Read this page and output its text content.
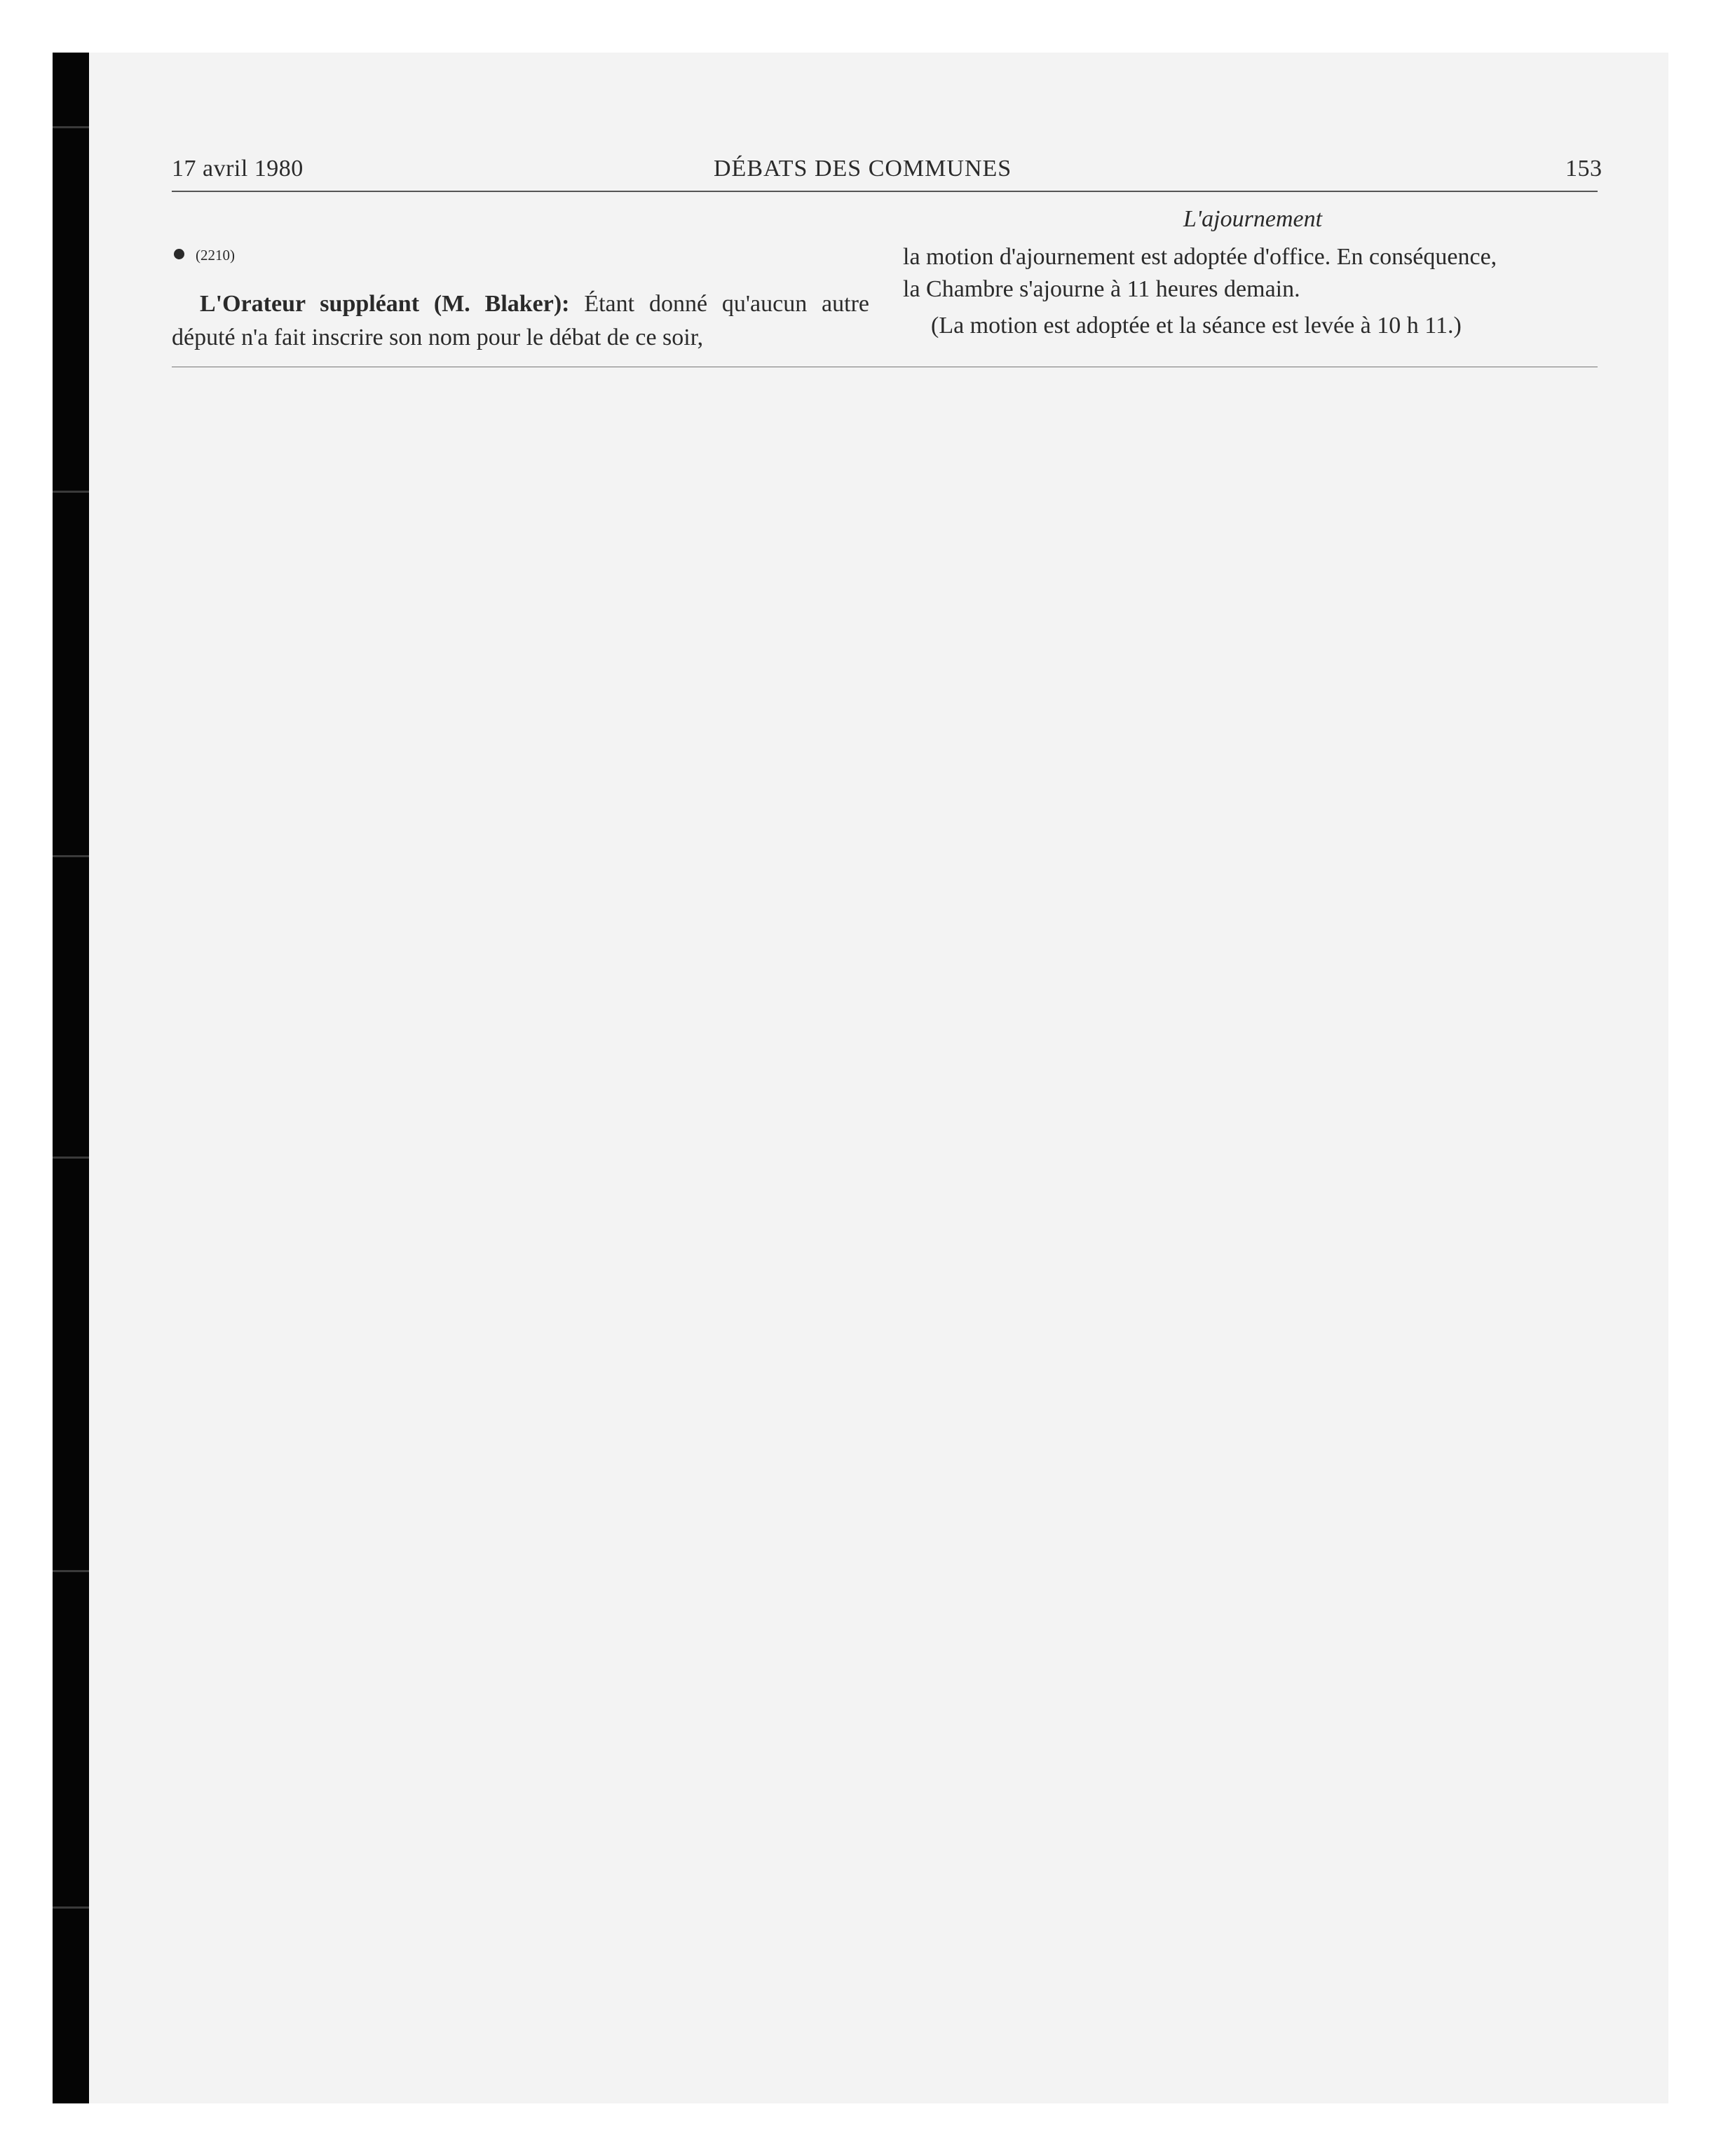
17 avril 1980	DÉBATS DES COMMUNES	153
L'ajournement
(2210)

L'Orateur suppléant (M. Blaker): Étant donné qu'aucun autre député n'a fait inscrire son nom pour le débat de ce soir,

la motion d'ajournement est adoptée d'office. En conséquence,

la Chambre s'ajourne à 11 heures demain.

(La motion est adoptée et la séance est levée à 10 h 11.)
